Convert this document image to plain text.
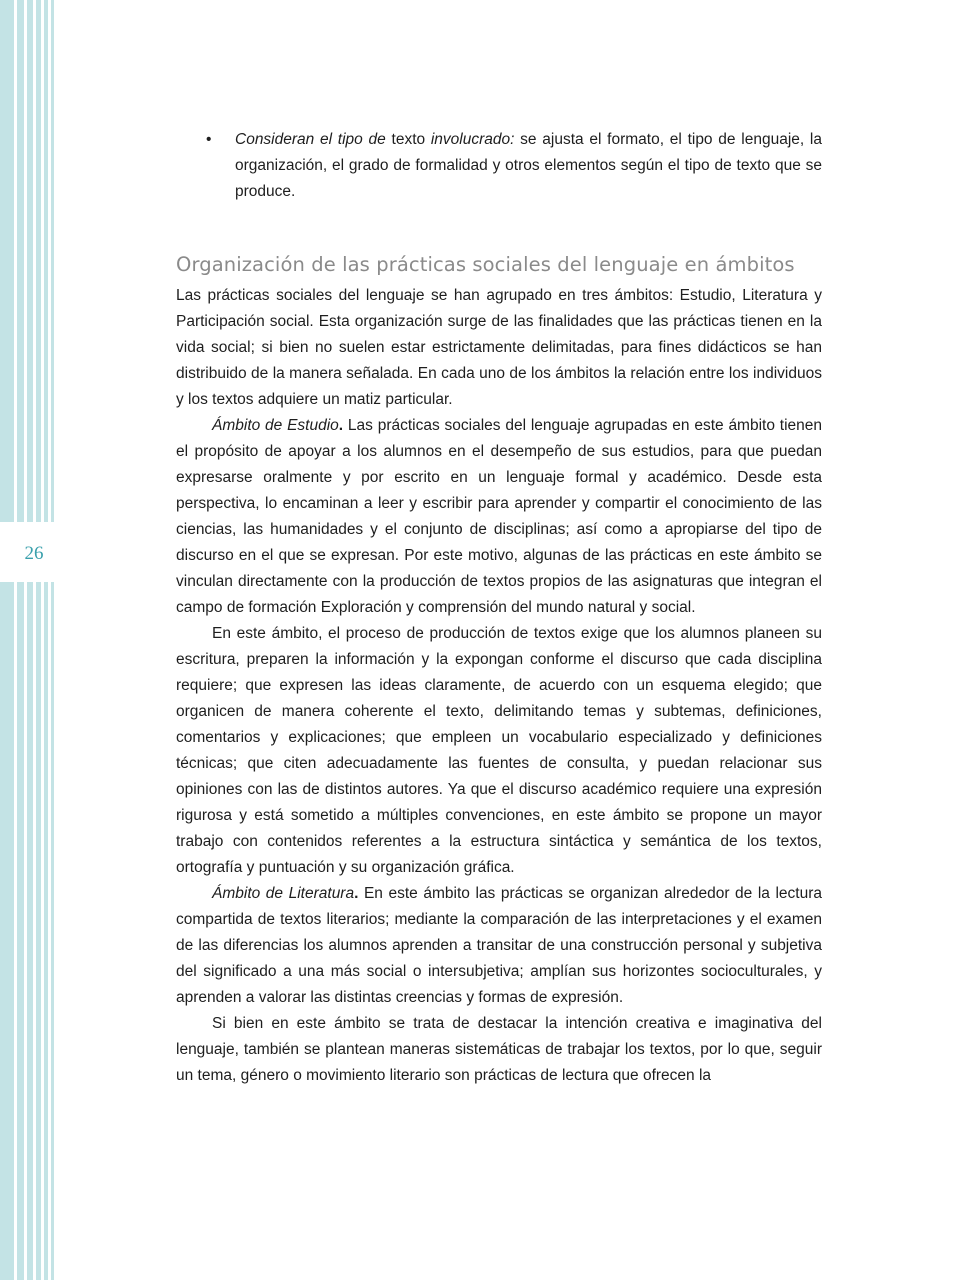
26
•	Consideran el tipo de texto involucrado: se ajusta el formato, el tipo de lenguaje, la organización, el grado de formalidad y otros elementos según el tipo de texto que se produce.
Organización de las prácticas sociales del lenguaje en ámbitos

Las prácticas sociales del lenguaje se han agrupado en tres ámbitos: Estudio, Literatura y Participación social. Esta organización surge de las finalidades que las prácticas tienen en la vida social; si bien no suelen estar estrictamente delimitadas, para fines didácticos se han distribuido de la manera señalada. En cada uno de los ámbitos la relación entre los individuos y los textos adquiere un matiz particular.

Ámbito de Estudio. Las prácticas sociales del lenguaje agrupadas en este ámbito tienen el propósito de apoyar a los alumnos en el desempeño de sus estudios, para que puedan expresarse oralmente y por escrito en un lenguaje formal y académico. Desde esta perspectiva, lo encaminan a leer y escribir para aprender y compartir el conocimiento de las ciencias, las humanidades y el conjunto de disciplinas; así como a apropiarse del tipo de discurso en el que se expresan. Por este motivo, algunas de las prácticas en este ámbito se vinculan directamente con la producción de textos propios de las asignaturas que integran el campo de formación Exploración y comprensión del mundo natural y social.

En este ámbito, el proceso de producción de textos exige que los alumnos planeen su escritura, preparen la información y la expongan conforme el discurso que cada disciplina requiere; que expresen las ideas claramente, de acuerdo con un esquema elegido; que organicen de manera coherente el texto, delimitando temas y subtemas, definiciones, comentarios y explicaciones; que empleen un vocabulario especializado y definiciones técnicas; que citen adecuadamente las fuentes de consulta, y puedan relacionar sus opiniones con las de distintos autores. Ya que el discurso académico requiere una expresión rigurosa y está sometido a múltiples convenciones, en este ámbito se propone un mayor trabajo con contenidos referentes a la estructura sintáctica y semántica de los textos, ortografía y puntuación y su organización gráfica.

Ámbito de Literatura. En este ámbito las prácticas se organizan alrededor de la lectura compartida de textos literarios; mediante la comparación de las interpretaciones y el examen de las diferencias los alumnos aprenden a transitar de una construcción personal y subjetiva del significado a una más social o intersubjetiva; amplían sus horizontes socioculturales, y aprenden a valorar las distintas creencias y formas de expresión.

Si bien en este ámbito se trata de destacar la intención creativa e imaginativa del lenguaje, también se plantean maneras sistemáticas de trabajar los textos, por lo que, seguir un tema, género o movimiento literario son prácticas de lectura que ofrecen la
